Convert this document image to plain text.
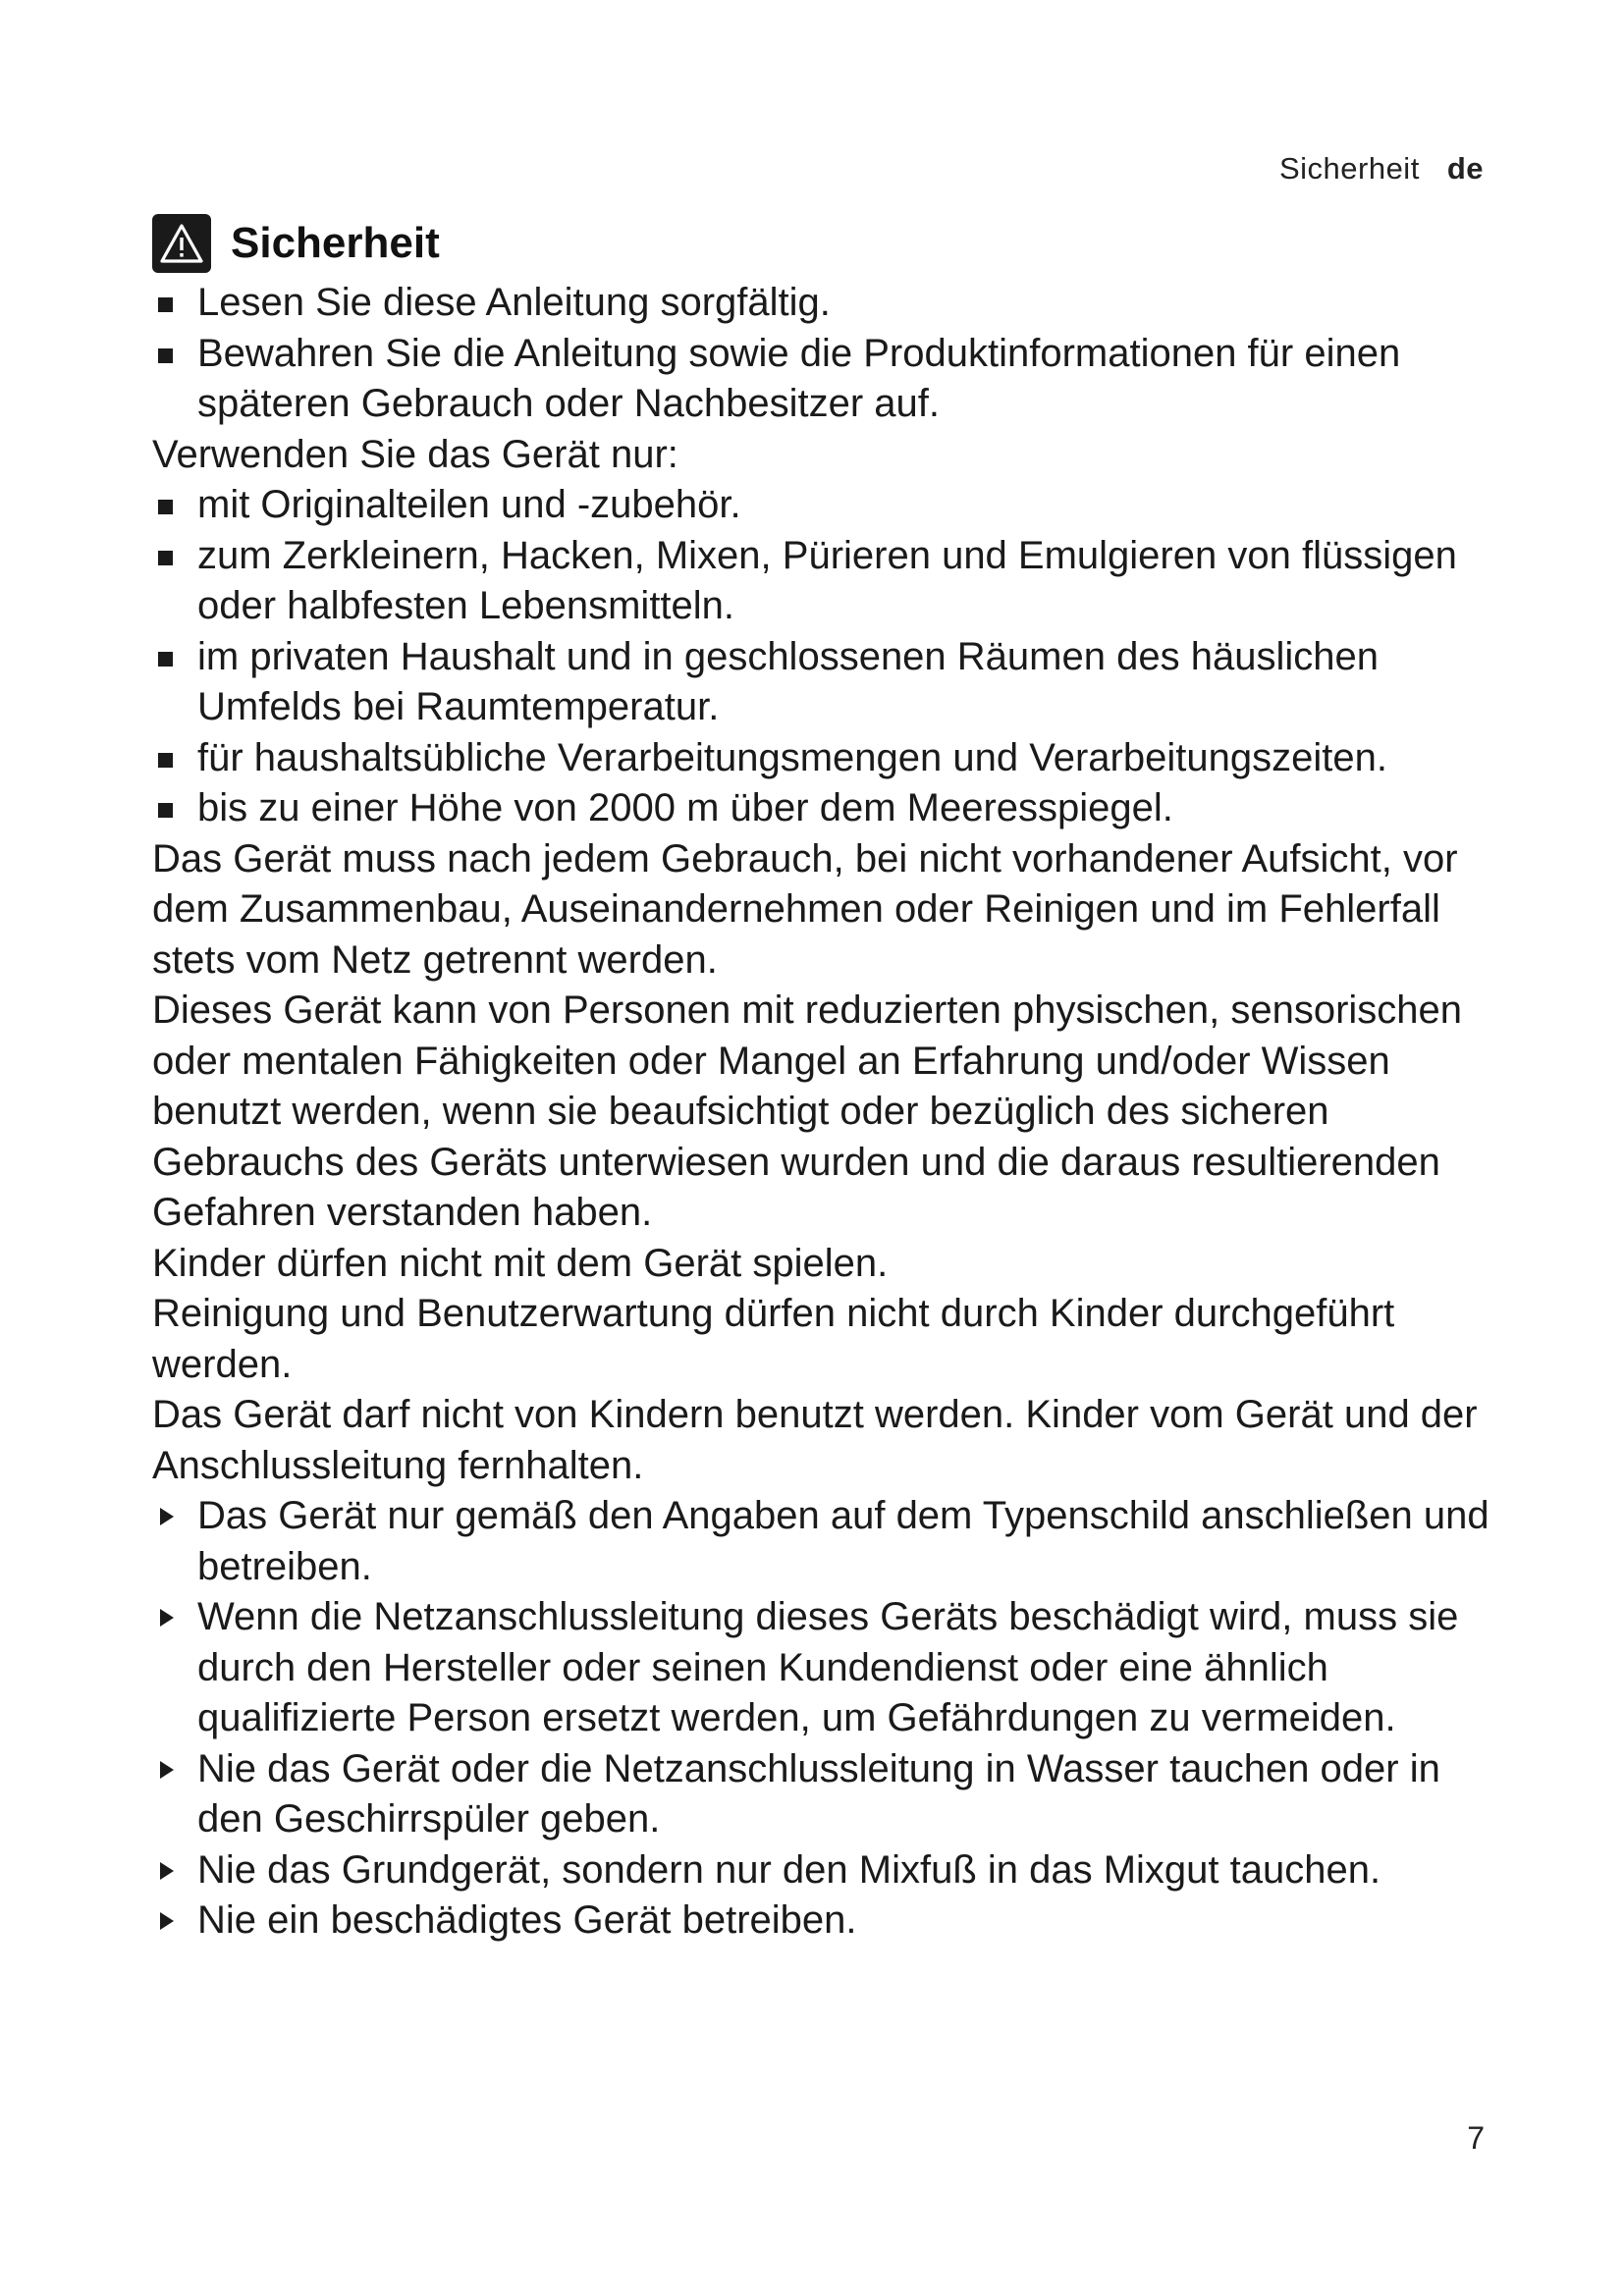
Sicherheit de
Sicherheit
Lesen Sie diese Anleitung sorgfältig.
Bewahren Sie die Anleitung sowie die Produktinformationen für einen späteren Gebrauch oder Nachbesitzer auf.

Verwenden Sie das Gerät nur:

mit Originalteilen und -zubehör.
zum Zerkleinern, Hacken, Mixen, Pürieren und Emulgieren von flüssigen oder halbfesten Lebensmitteln.
im privaten Haushalt und in geschlossenen Räumen des häuslichen Umfelds bei Raumtemperatur.
für haushaltsübliche Verarbeitungsmengen und Verarbeitungszeiten.
bis zu einer Höhe von 2000 m über dem Meeresspiegel.

Das Gerät muss nach jedem Gebrauch, bei nicht vorhandener Aufsicht, vor dem Zusammenbau, Auseinandernehmen oder Reinigen und im Fehlerfall stets vom Netz getrennt werden.

Dieses Gerät kann von Personen mit reduzierten physischen, sensorischen oder mentalen Fähigkeiten oder Mangel an Erfahrung und/oder Wissen benutzt werden, wenn sie beaufsichtigt oder bezüglich des sicheren Gebrauchs des Geräts unterwiesen wurden und die daraus resultierenden Gefahren verstanden haben.

Kinder dürfen nicht mit dem Gerät spielen.

Reinigung und Benutzerwartung dürfen nicht durch Kinder durchgeführt werden.

Das Gerät darf nicht von Kindern benutzt werden. Kinder vom Gerät und der Anschlussleitung fernhalten.

Das Gerät nur gemäß den Angaben auf dem Typenschild anschließen und betreiben.
Wenn die Netzanschlussleitung dieses Geräts beschädigt wird, muss sie durch den Hersteller oder seinen Kundendienst oder eine ähnlich qualifizierte Person ersetzt werden, um Gefährdungen zu vermeiden.
Nie das Gerät oder die Netzanschlussleitung in Wasser tauchen oder in den Geschirrspüler geben.
Nie das Grundgerät, sondern nur den Mixfuß in das Mixgut tauchen.
Nie ein beschädigtes Gerät betreiben.
7
